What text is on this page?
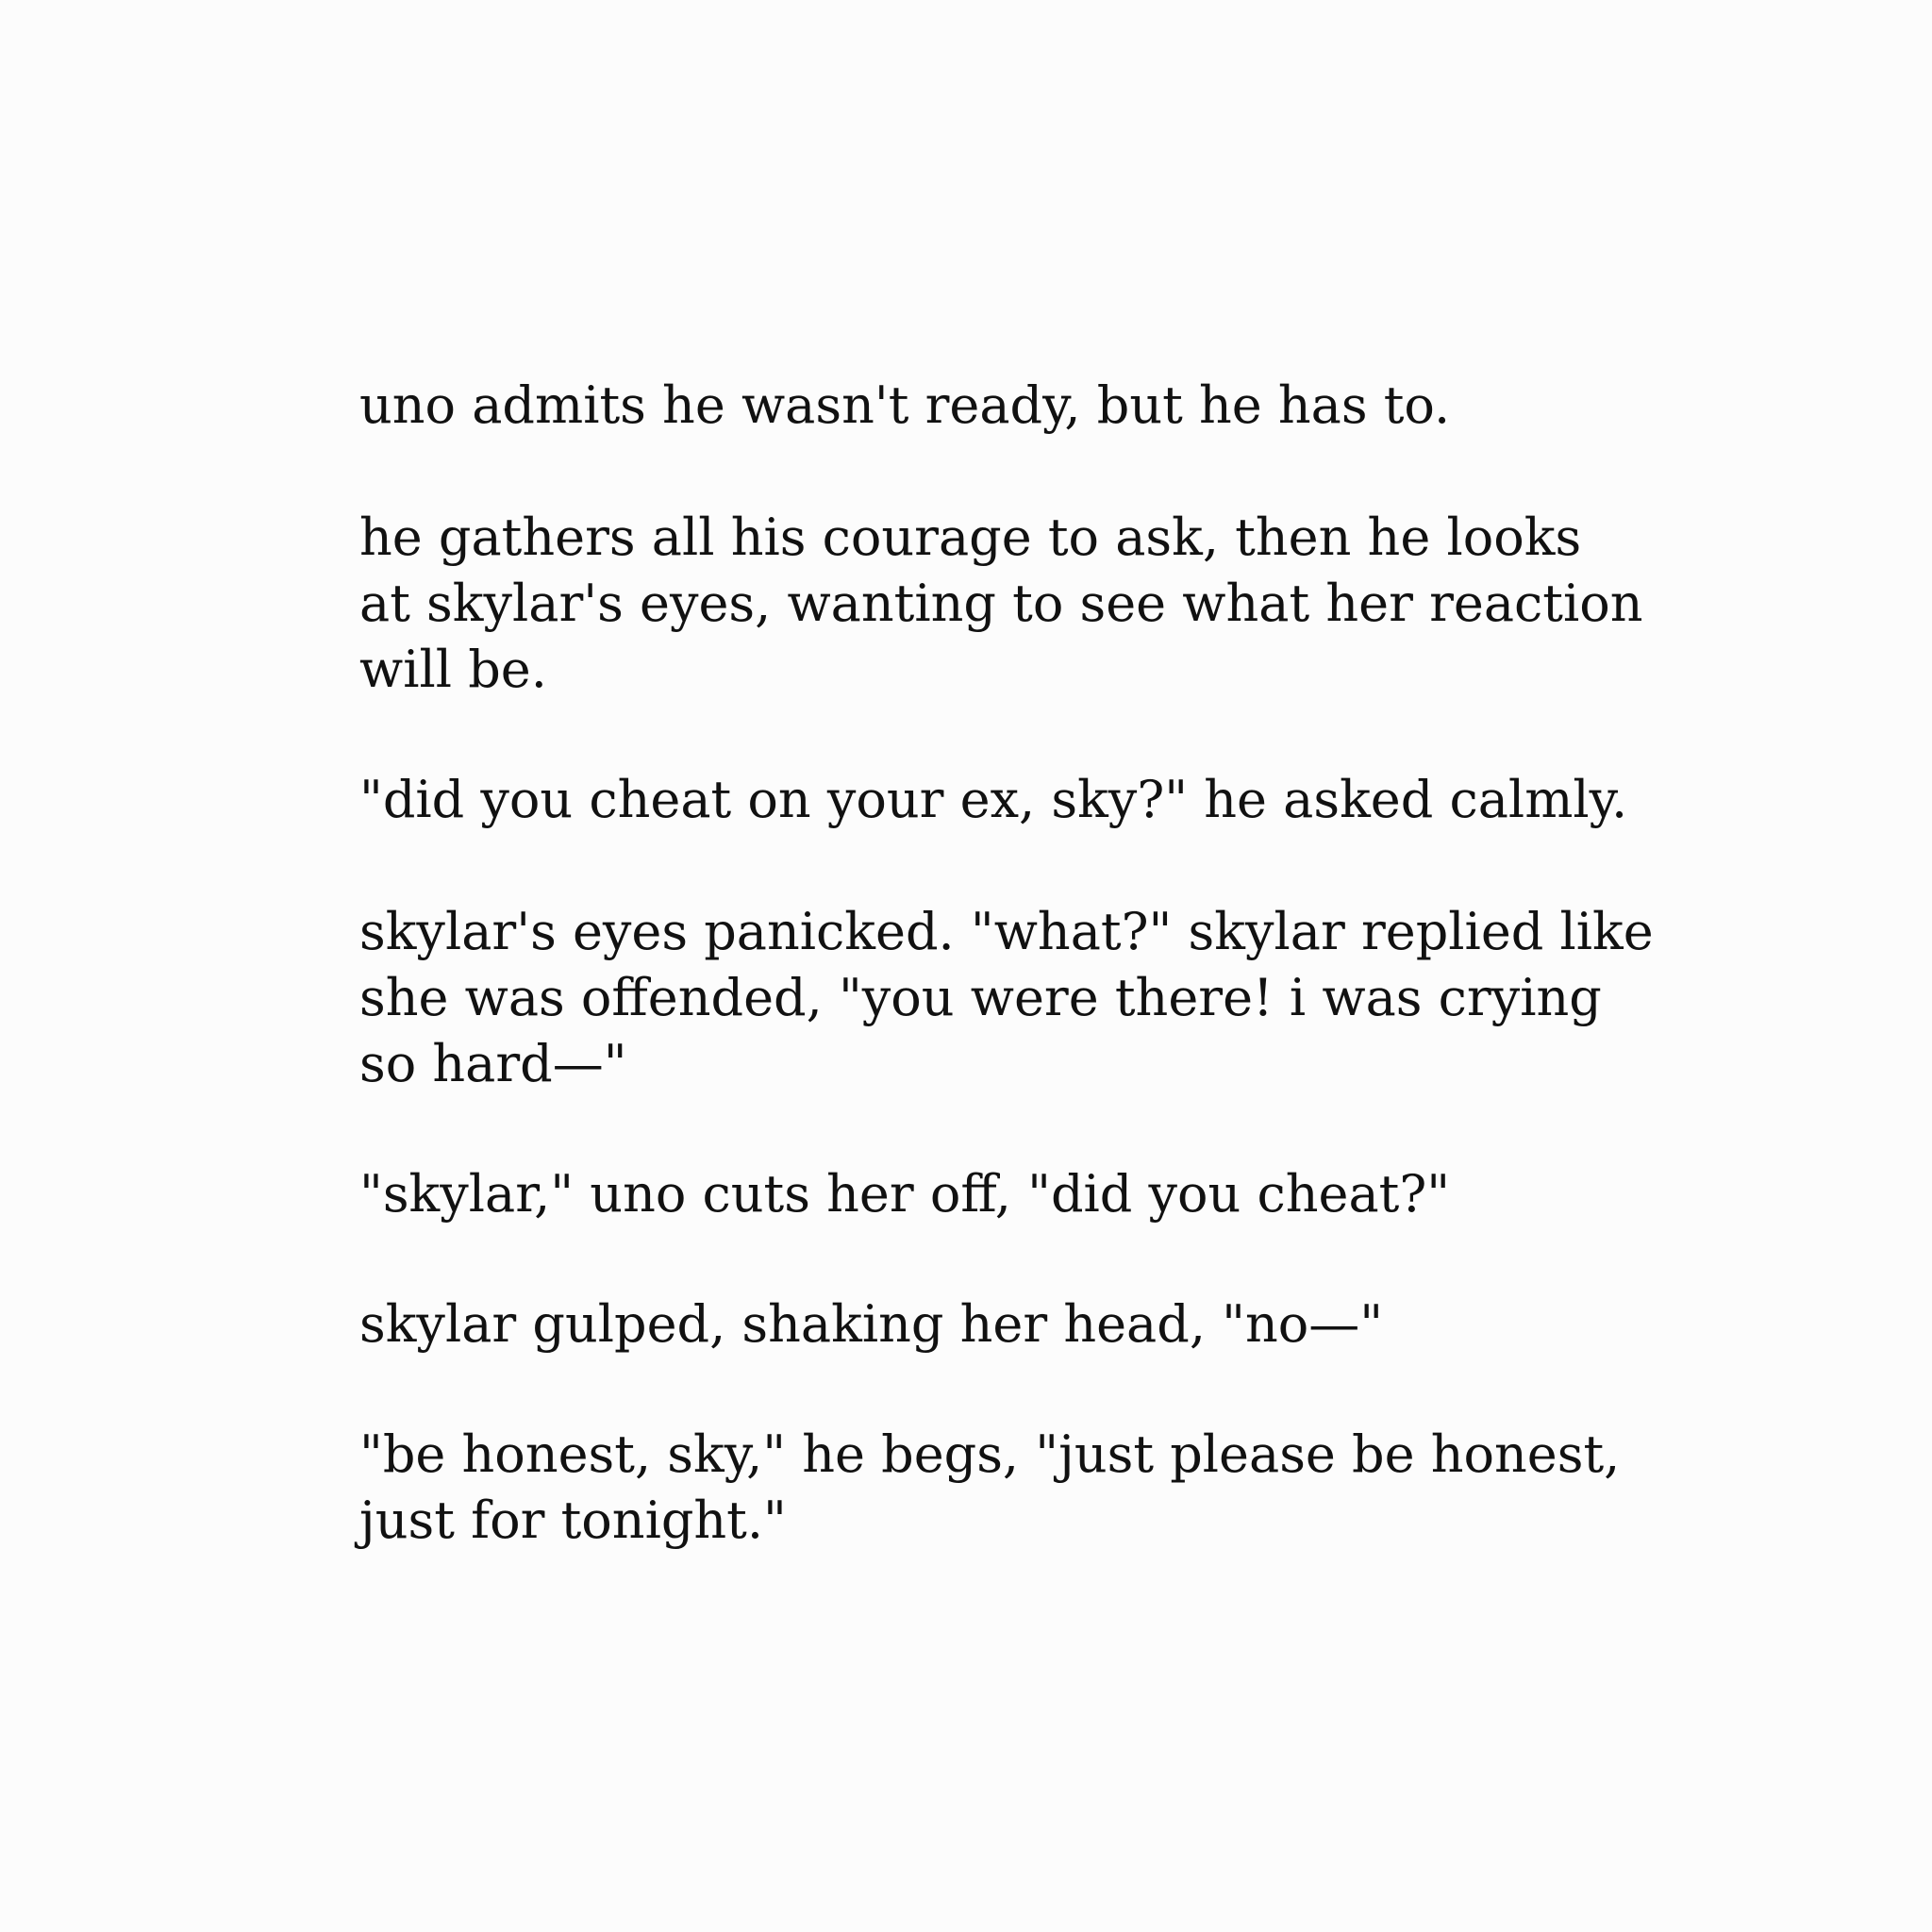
uno admits he wasn't ready, but he has to.
he gathers all his courage to ask, then he looks
at skylar's eyes, wanting to see what her reaction
will be.
"did you cheat on your ex, sky?" he asked calmly.
skylar's eyes panicked. "what?" skylar replied like
she was offended, "you were there! i was crying
so hard—"
"skylar," uno cuts her off, "did you cheat?"
skylar gulped, shaking her head, "no—"
"be honest, sky," he begs, "just please be honest,
just for tonight."
